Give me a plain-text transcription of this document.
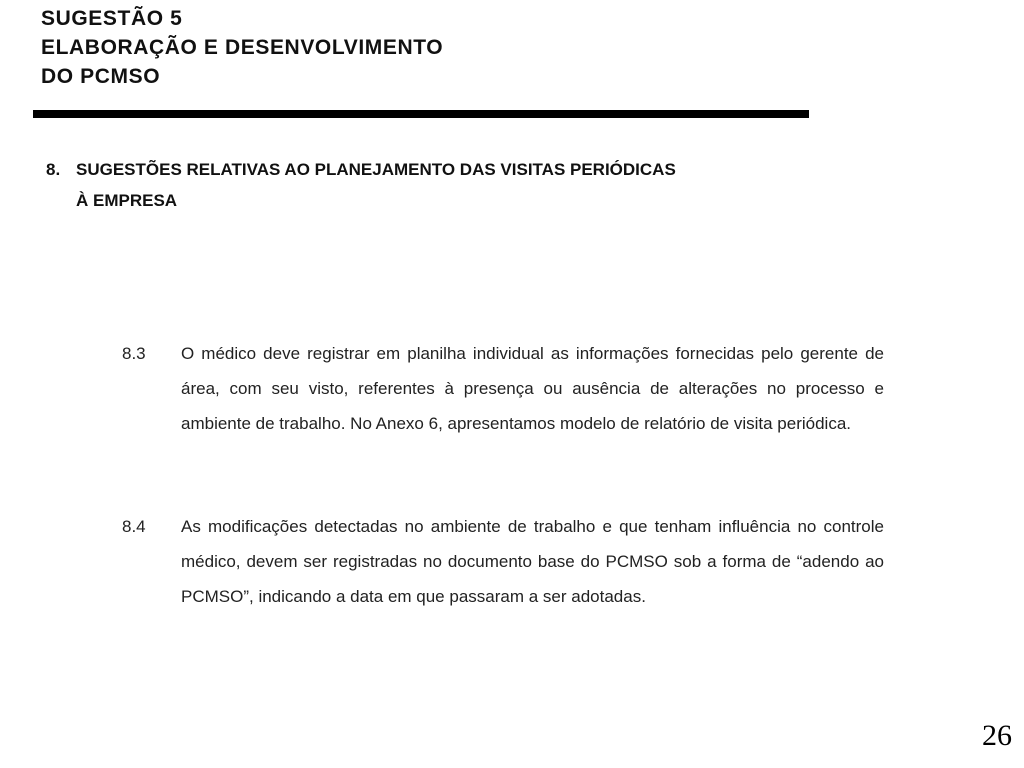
SUGESTÃO 5
ELABORAÇÃO E DESENVOLVIMENTO
DO PCMSO
8. SUGESTÕES RELATIVAS AO PLANEJAMENTO DAS VISITAS PERIÓDICAS
À EMPRESA
8.3	O médico deve registrar em planilha individual as informações fornecidas pelo gerente de área, com seu visto, referentes à presença ou ausência de alterações no processo e ambiente de trabalho. No Anexo 6, apresentamos modelo de relatório de visita periódica.
8.4	As modificações detectadas no ambiente de trabalho e que tenham influência no controle médico, devem ser registradas no documento base do PCMSO sob a forma de “adendo ao PCMSO”, indicando a data em que passaram a ser adotadas.
26
